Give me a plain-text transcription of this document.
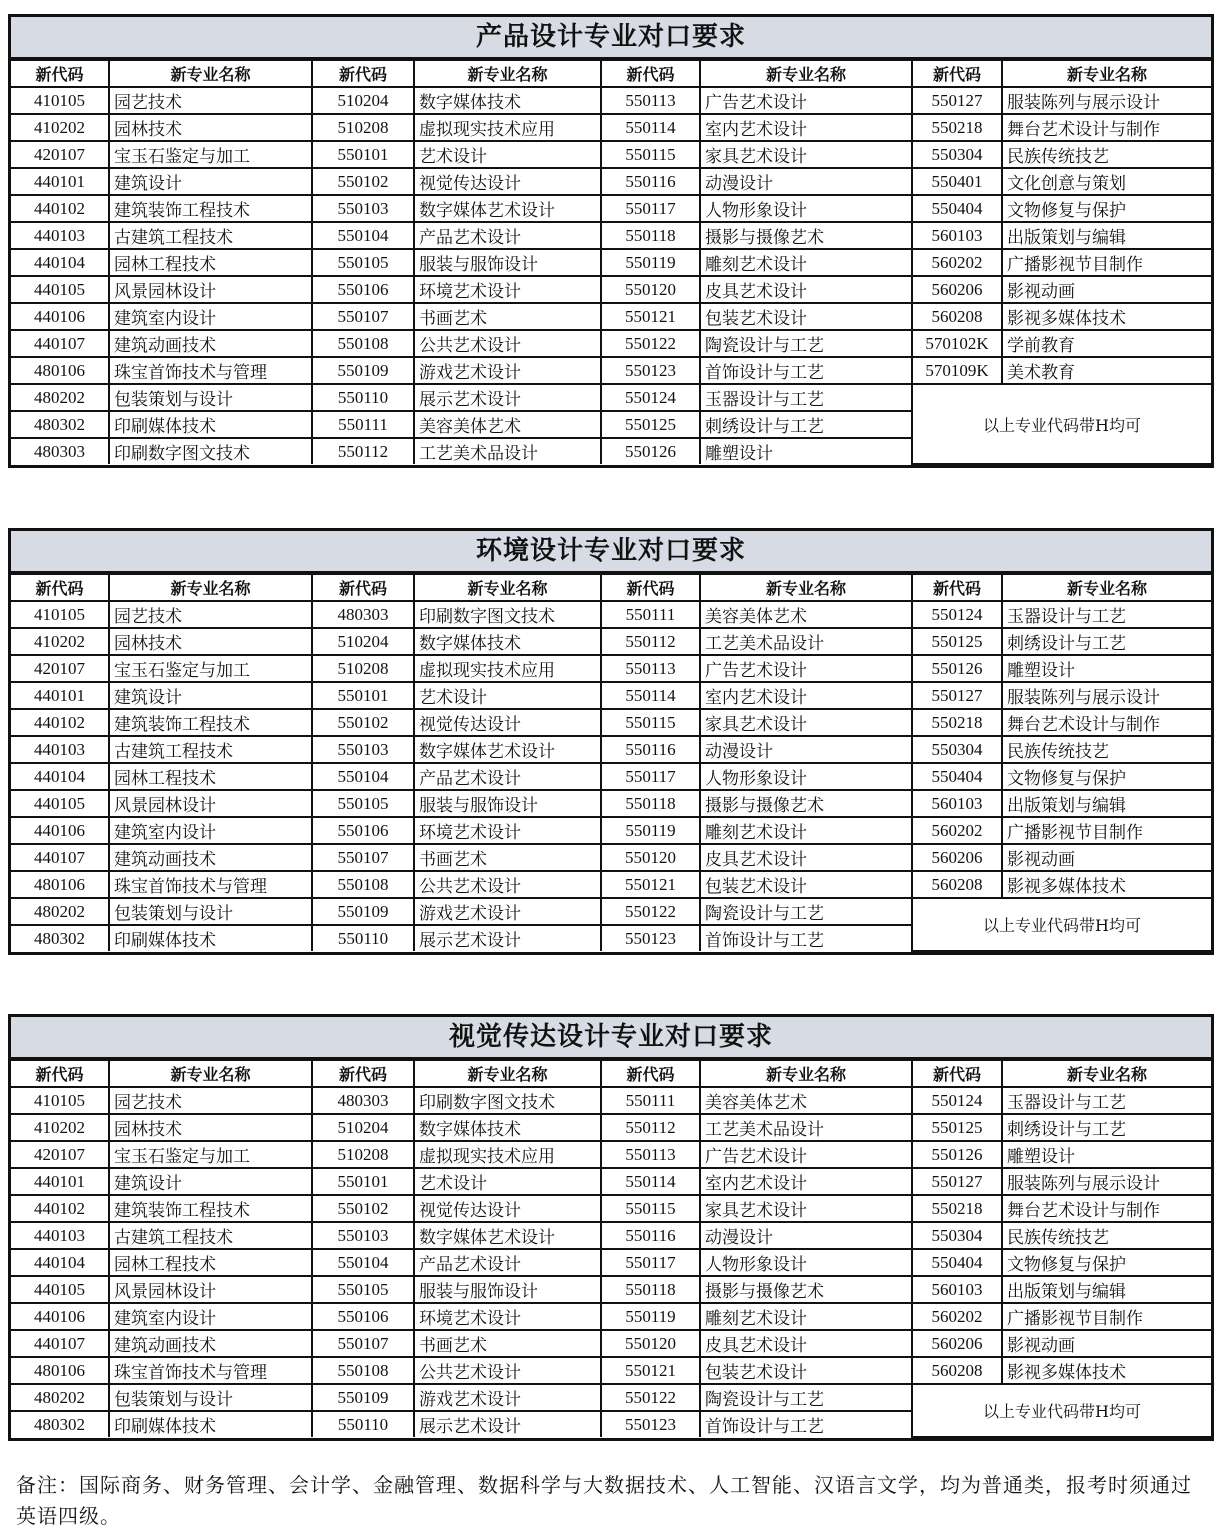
产品设计专业对口要求
新代码	新专业名称	新代码	新专业名称	新代码	新专业名称	新代码	新专业名称
410105	园艺技术	510204	数字媒体技术	550113	广告艺术设计	550127	服装陈列与展示设计
410202	园林技术	510208	虚拟现实技术应用	550114	室内艺术设计	550218	舞台艺术设计与制作
420107	宝玉石鉴定与加工	550101	艺术设计	550115	家具艺术设计	550304	民族传统技艺
440101	建筑设计	550102	视觉传达设计	550116	动漫设计	550401	文化创意与策划
440102	建筑装饰工程技术	550103	数字媒体艺术设计	550117	人物形象设计	550404	文物修复与保护
440103	古建筑工程技术	550104	产品艺术设计	550118	摄影与摄像艺术	560103	出版策划与编辑
440104	园林工程技术	550105	服装与服饰设计	550119	雕刻艺术设计	560202	广播影视节目制作
440105	风景园林设计	550106	环境艺术设计	550120	皮具艺术设计	560206	影视动画
440106	建筑室内设计	550107	书画艺术	550121	包装艺术设计	560208	影视多媒体技术
440107	建筑动画技术	550108	公共艺术设计	550122	陶瓷设计与工艺	570102K	学前教育
480106	珠宝首饰技术与管理	550109	游戏艺术设计	550123	首饰设计与工艺	570109K	美术教育
480202	包装策划与设计	550110	展示艺术设计	550124	玉器设计与工艺	以上专业代码带H均可	
480302	印刷媒体技术	550111	美容美体艺术	550125	刺绣设计与工艺		
480303	印刷数字图文技术	550112	工艺美术品设计	550126	雕塑设计		
环境设计专业对口要求
新代码	新专业名称	新代码	新专业名称	新代码	新专业名称	新代码	新专业名称
410105	园艺技术	480303	印刷数字图文技术	550111	美容美体艺术	550124	玉器设计与工艺
410202	园林技术	510204	数字媒体技术	550112	工艺美术品设计	550125	刺绣设计与工艺
420107	宝玉石鉴定与加工	510208	虚拟现实技术应用	550113	广告艺术设计	550126	雕塑设计
440101	建筑设计	550101	艺术设计	550114	室内艺术设计	550127	服装陈列与展示设计
440102	建筑装饰工程技术	550102	视觉传达设计	550115	家具艺术设计	550218	舞台艺术设计与制作
440103	古建筑工程技术	550103	数字媒体艺术设计	550116	动漫设计	550304	民族传统技艺
440104	园林工程技术	550104	产品艺术设计	550117	人物形象设计	550404	文物修复与保护
440105	风景园林设计	550105	服装与服饰设计	550118	摄影与摄像艺术	560103	出版策划与编辑
440106	建筑室内设计	550106	环境艺术设计	550119	雕刻艺术设计	560202	广播影视节目制作
440107	建筑动画技术	550107	书画艺术	550120	皮具艺术设计	560206	影视动画
480106	珠宝首饰技术与管理	550108	公共艺术设计	550121	包装艺术设计	560208	影视多媒体技术
480202	包装策划与设计	550109	游戏艺术设计	550122	陶瓷设计与工艺	以上专业代码带H均可	
480302	印刷媒体技术	550110	展示艺术设计	550123	首饰设计与工艺		
视觉传达设计专业对口要求
新代码	新专业名称	新代码	新专业名称	新代码	新专业名称	新代码	新专业名称
410105	园艺技术	480303	印刷数字图文技术	550111	美容美体艺术	550124	玉器设计与工艺
410202	园林技术	510204	数字媒体技术	550112	工艺美术品设计	550125	刺绣设计与工艺
420107	宝玉石鉴定与加工	510208	虚拟现实技术应用	550113	广告艺术设计	550126	雕塑设计
440101	建筑设计	550101	艺术设计	550114	室内艺术设计	550127	服装陈列与展示设计
440102	建筑装饰工程技术	550102	视觉传达设计	550115	家具艺术设计	550218	舞台艺术设计与制作
440103	古建筑工程技术	550103	数字媒体艺术设计	550116	动漫设计	550304	民族传统技艺
440104	园林工程技术	550104	产品艺术设计	550117	人物形象设计	550404	文物修复与保护
440105	风景园林设计	550105	服装与服饰设计	550118	摄影与摄像艺术	560103	出版策划与编辑
440106	建筑室内设计	550106	环境艺术设计	550119	雕刻艺术设计	560202	广播影视节目制作
440107	建筑动画技术	550107	书画艺术	550120	皮具艺术设计	560206	影视动画
480106	珠宝首饰技术与管理	550108	公共艺术设计	550121	包装艺术设计	560208	影视多媒体技术
480202	包装策划与设计	550109	游戏艺术设计	550122	陶瓷设计与工艺	以上专业代码带H均可	
480302	印刷媒体技术	550110	展示艺术设计	550123	首饰设计与工艺		
备注：国际商务、财务管理、会计学、金融管理、数据科学与大数据技术、人工智能、汉语言文学，均为普通类，报考时须通过英语四级。
